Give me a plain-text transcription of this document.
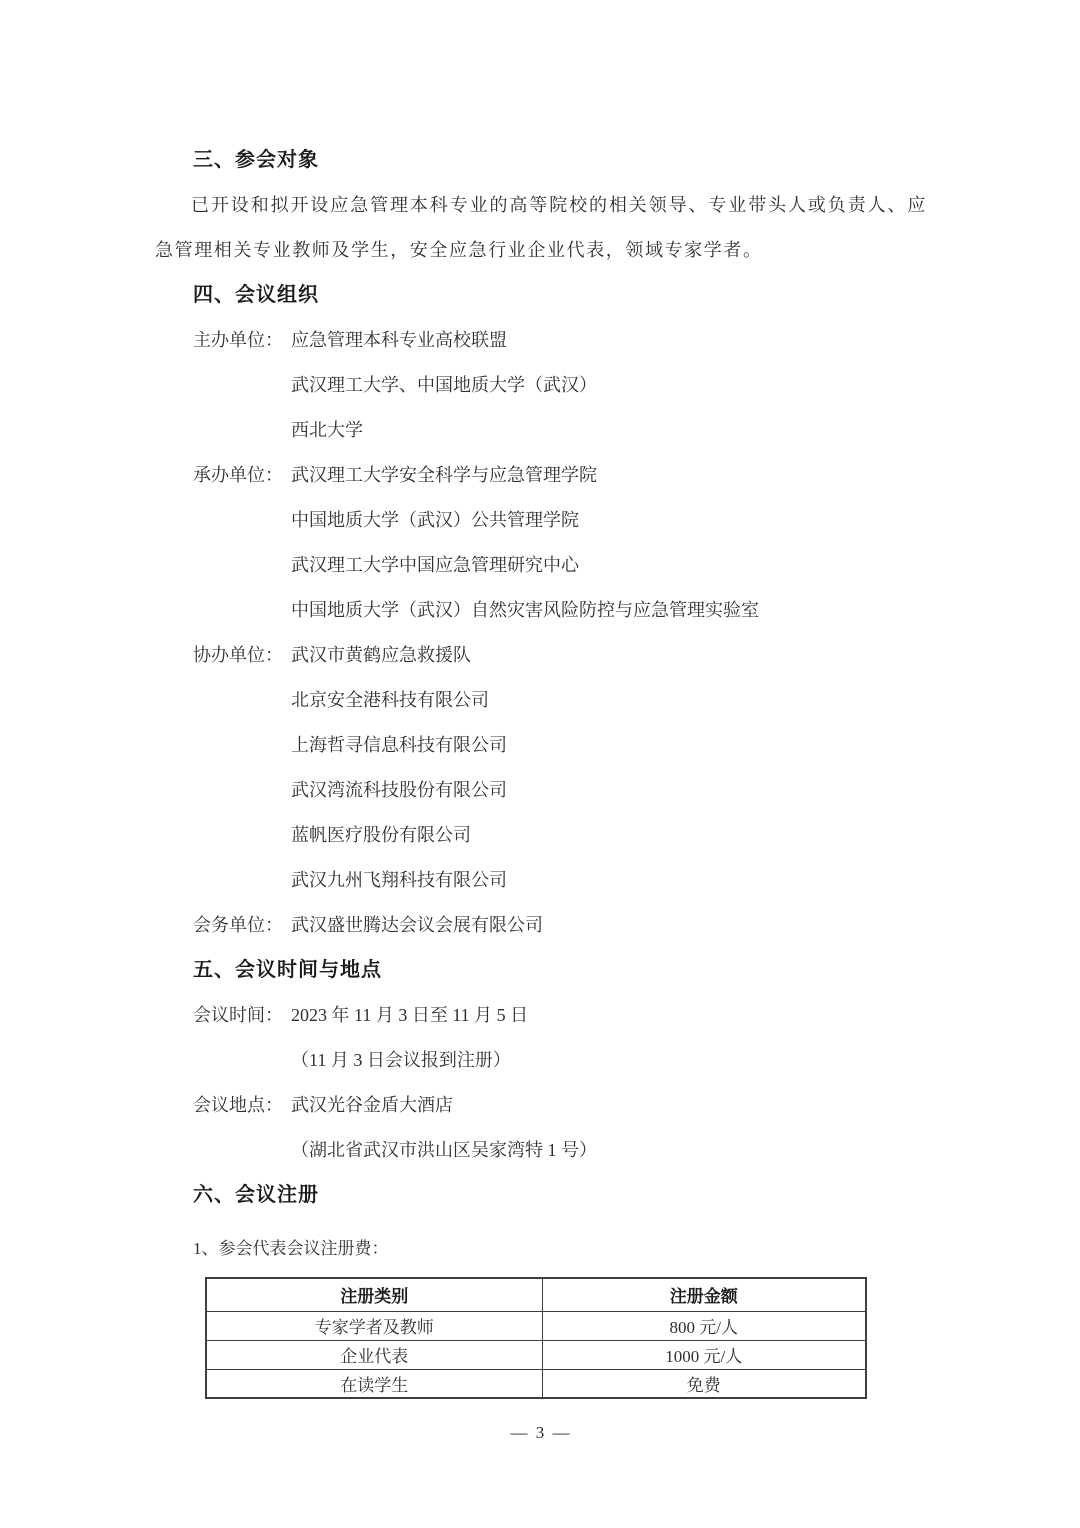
三、参会对象
已开设和拟开设应急管理本科专业的高等院校的相关领导、专业带头人或负责人、应急管理相关专业教师及学生，安全应急行业企业代表，领域专家学者。
四、会议组织
主办单位： 应急管理本科专业高校联盟
武汉理工大学、中国地质大学（武汉）
西北大学
承办单位： 武汉理工大学安全科学与应急管理学院
中国地质大学（武汉）公共管理学院
武汉理工大学中国应急管理研究中心
中国地质大学（武汉）自然灾害风险防控与应急管理实验室
协办单位： 武汉市黄鹤应急救援队
北京安全港科技有限公司
上海哲寻信息科技有限公司
武汉湾流科技股份有限公司
蓝帆医疗股份有限公司
武汉九州飞翔科技有限公司
会务单位： 武汉盛世腾达会议会展有限公司
五、会议时间与地点
会议时间： 2023 年 11 月 3 日至 11 月 5 日
（11 月 3 日会议报到注册）
会议地点： 武汉光谷金盾大酒店
（湖北省武汉市洪山区吴家湾特 1 号）
六、会议注册
1、参会代表会议注册费：
注册类别	注册金额
专家学者及教师	800 元/人
企业代表	1000 元/人
在读学生	免费
— 3 —
